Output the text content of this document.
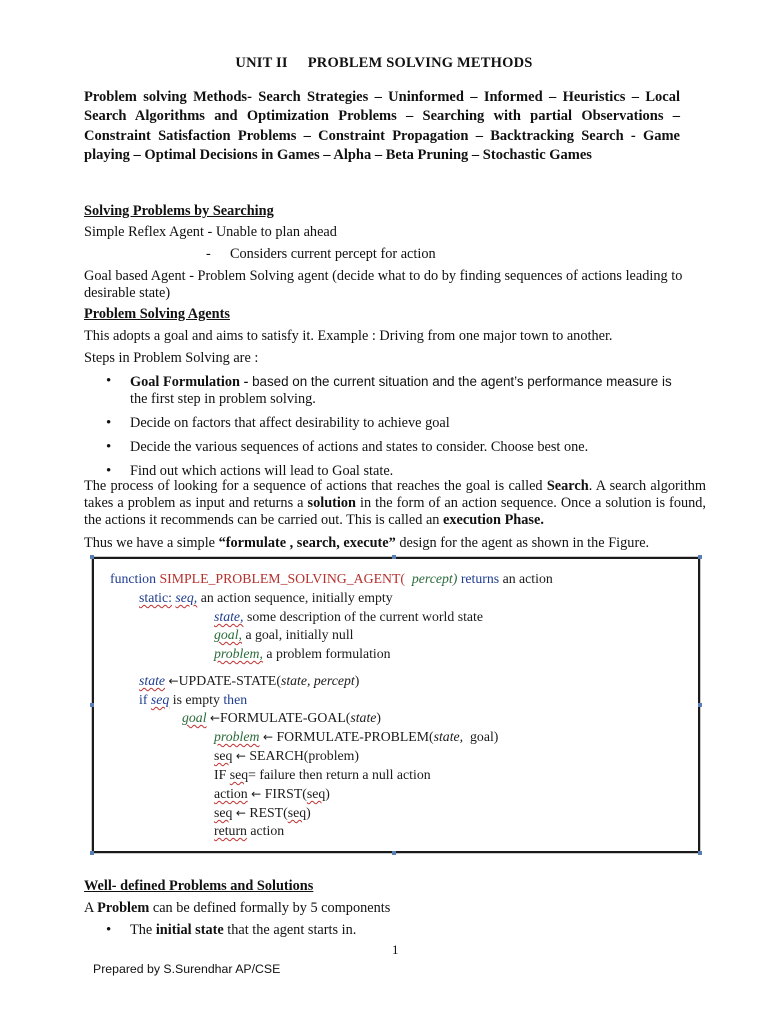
UNIT II PROBLEM SOLVING METHODS
Problem solving Methods- Search Strategies – Uninformed – Informed – Heuristics – Local Search Algorithms and Optimization Problems – Searching with partial Observations – Constraint Satisfaction Problems – Constraint Propagation – Backtracking Search - Game playing – Optimal Decisions in Games – Alpha – Beta Pruning – Stochastic Games
Solving Problems by Searching
Simple Reflex Agent - Unable to plan ahead
- Considers current percept for action
Goal based Agent - Problem Solving agent (decide what to do by finding sequences of actions leading to desirable state)
Problem Solving Agents
This adopts a goal and aims to satisfy it. Example : Driving from one major town to another.
Steps in Problem Solving are :
• Goal Formulation - based on the current situation and the agent’s performance measure is
the first step in problem solving.
• Decide on factors that affect desirability to achieve goal
• Decide the various sequences of actions and states to consider. Choose best one.
• Find out which actions will lead to Goal state.
The process of looking for a sequence of actions that reaches the goal is called Search. A search algorithm takes a problem as input and returns a solution in the form of an action sequence. Once a solution is found, the actions it recommends can be carried out. This is called an execution Phase.
Thus we have a simple “formulate , search, execute” design for the agent as shown in the Figure.
function SIMPLE_PROBLEM_SOLVING_AGENT( percept) returns an action
static: seq, an action sequence, initially empty
state, some description of the current world state
goal, a goal, initially null
problem, a problem formulation
state ←UPDATE-STATE(state, percept)
if seq is empty then
goal ←FORMULATE-GOAL(state)
problem ← FORMULATE-PROBLEM(state, goal)
seq ← SEARCH(problem)
IF seq= failure then return a null action
action ← FIRST(seq)
seq ← REST(seq)
return action
Well- defined Problems and Solutions
A Problem can be defined formally by 5 components
• The initial state that the agent starts in.
1
Prepared by S.Surendhar AP/CSE
